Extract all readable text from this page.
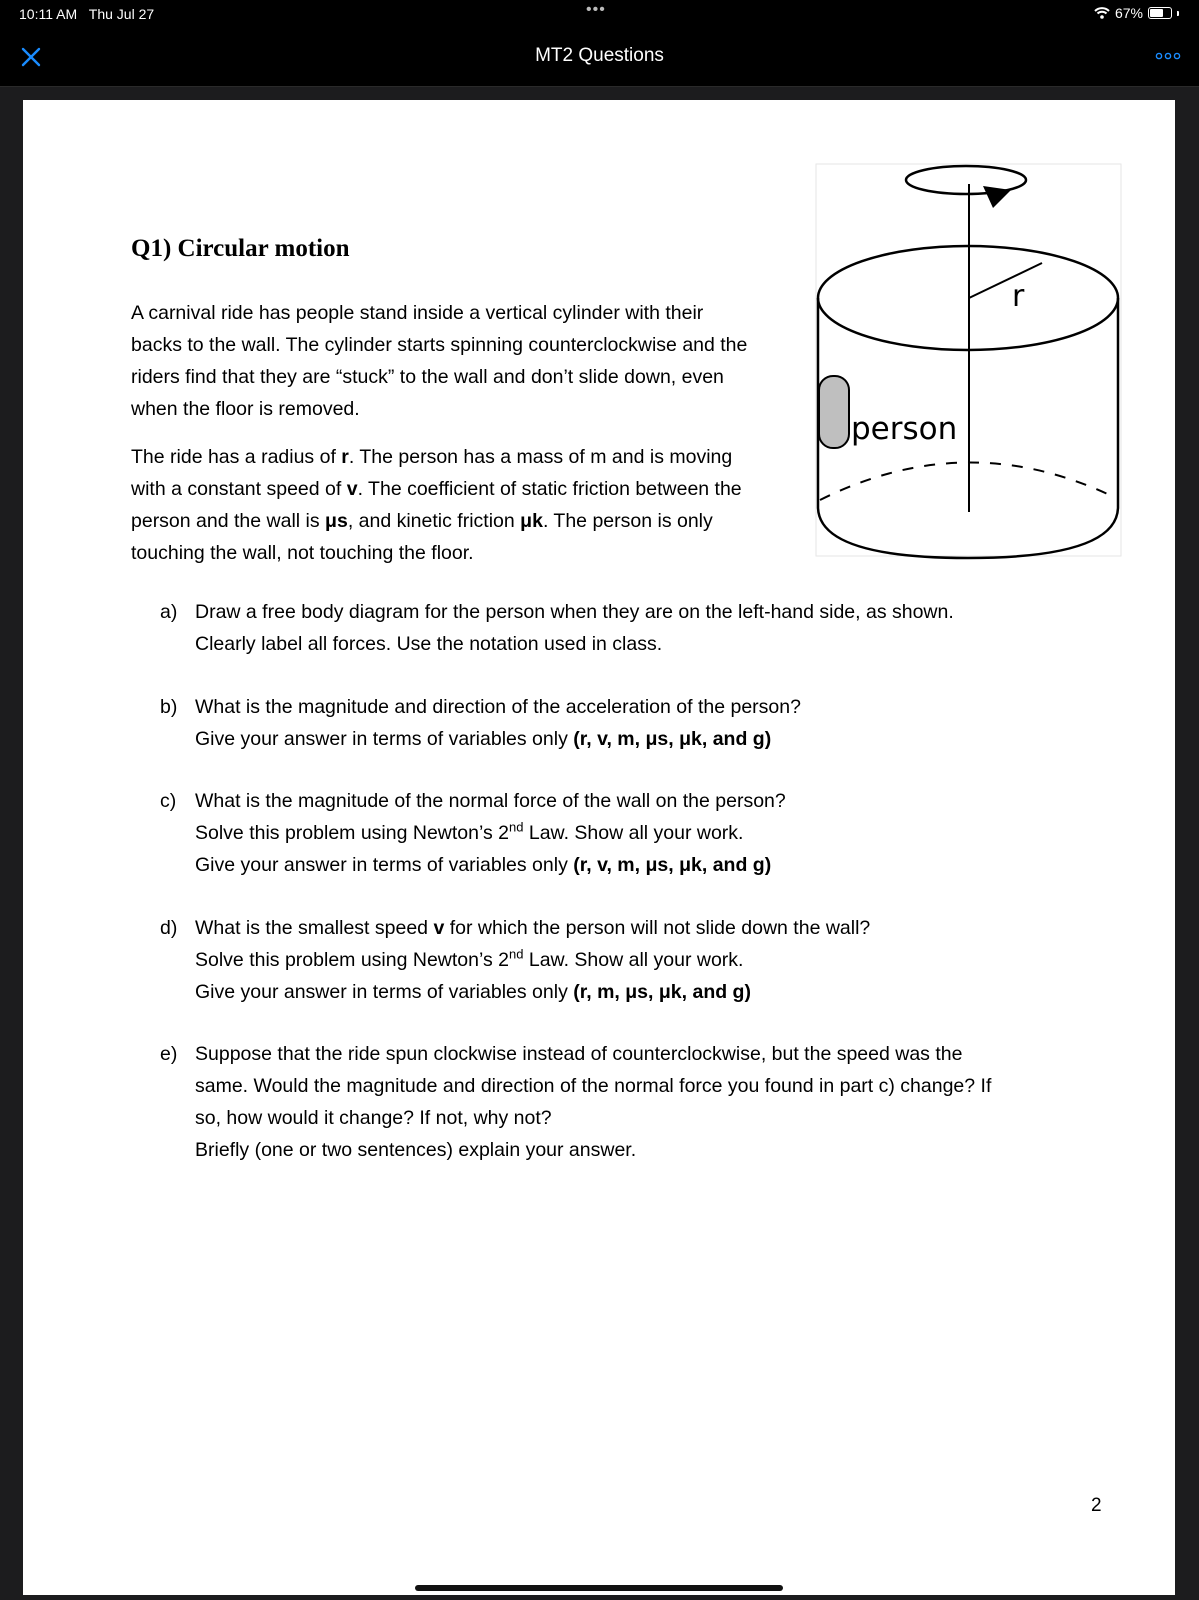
10:11 AM Thu Jul 27	•••	67%
MT2 Questions
Q1) Circular motion

A carnival ride has people stand inside a vertical cylinder with their

backs to the wall. The cylinder starts spinning counterclockwise and the

riders find that they are “stuck” to the wall and don’t slide down, even

when the floor is removed.

The ride has a radius of r. The person has a mass of m and is moving

with a constant speed of v. The coefficient of static friction between the

person and the wall is μs, and kinetic friction μk. The person is only

touching the wall, not touching the floor.

r
person
a) Draw a free body diagram for the person when they are on the left-hand side, as shown.
Clearly label all forces. Use the notation used in class.
b) What is the magnitude and direction of the acceleration of the person?
Give your answer in terms of variables only (r, v, m, μs, μk, and g)
c) What is the magnitude of the normal force of the wall on the person?
Solve this problem using Newton’s 2nd Law. Show all your work.
Give your answer in terms of variables only (r, v, m, μs, μk, and g)
d) What is the smallest speed v for which the person will not slide down the wall?
Solve this problem using Newton’s 2nd Law. Show all your work.
Give your answer in terms of variables only (r, m, μs, μk, and g)
e) Suppose that the ride spun clockwise instead of counterclockwise, but the speed was the
same. Would the magnitude and direction of the normal force you found in part c) change? If
so, how would it change? If not, why not?
Briefly (one or two sentences) explain your answer.
2
